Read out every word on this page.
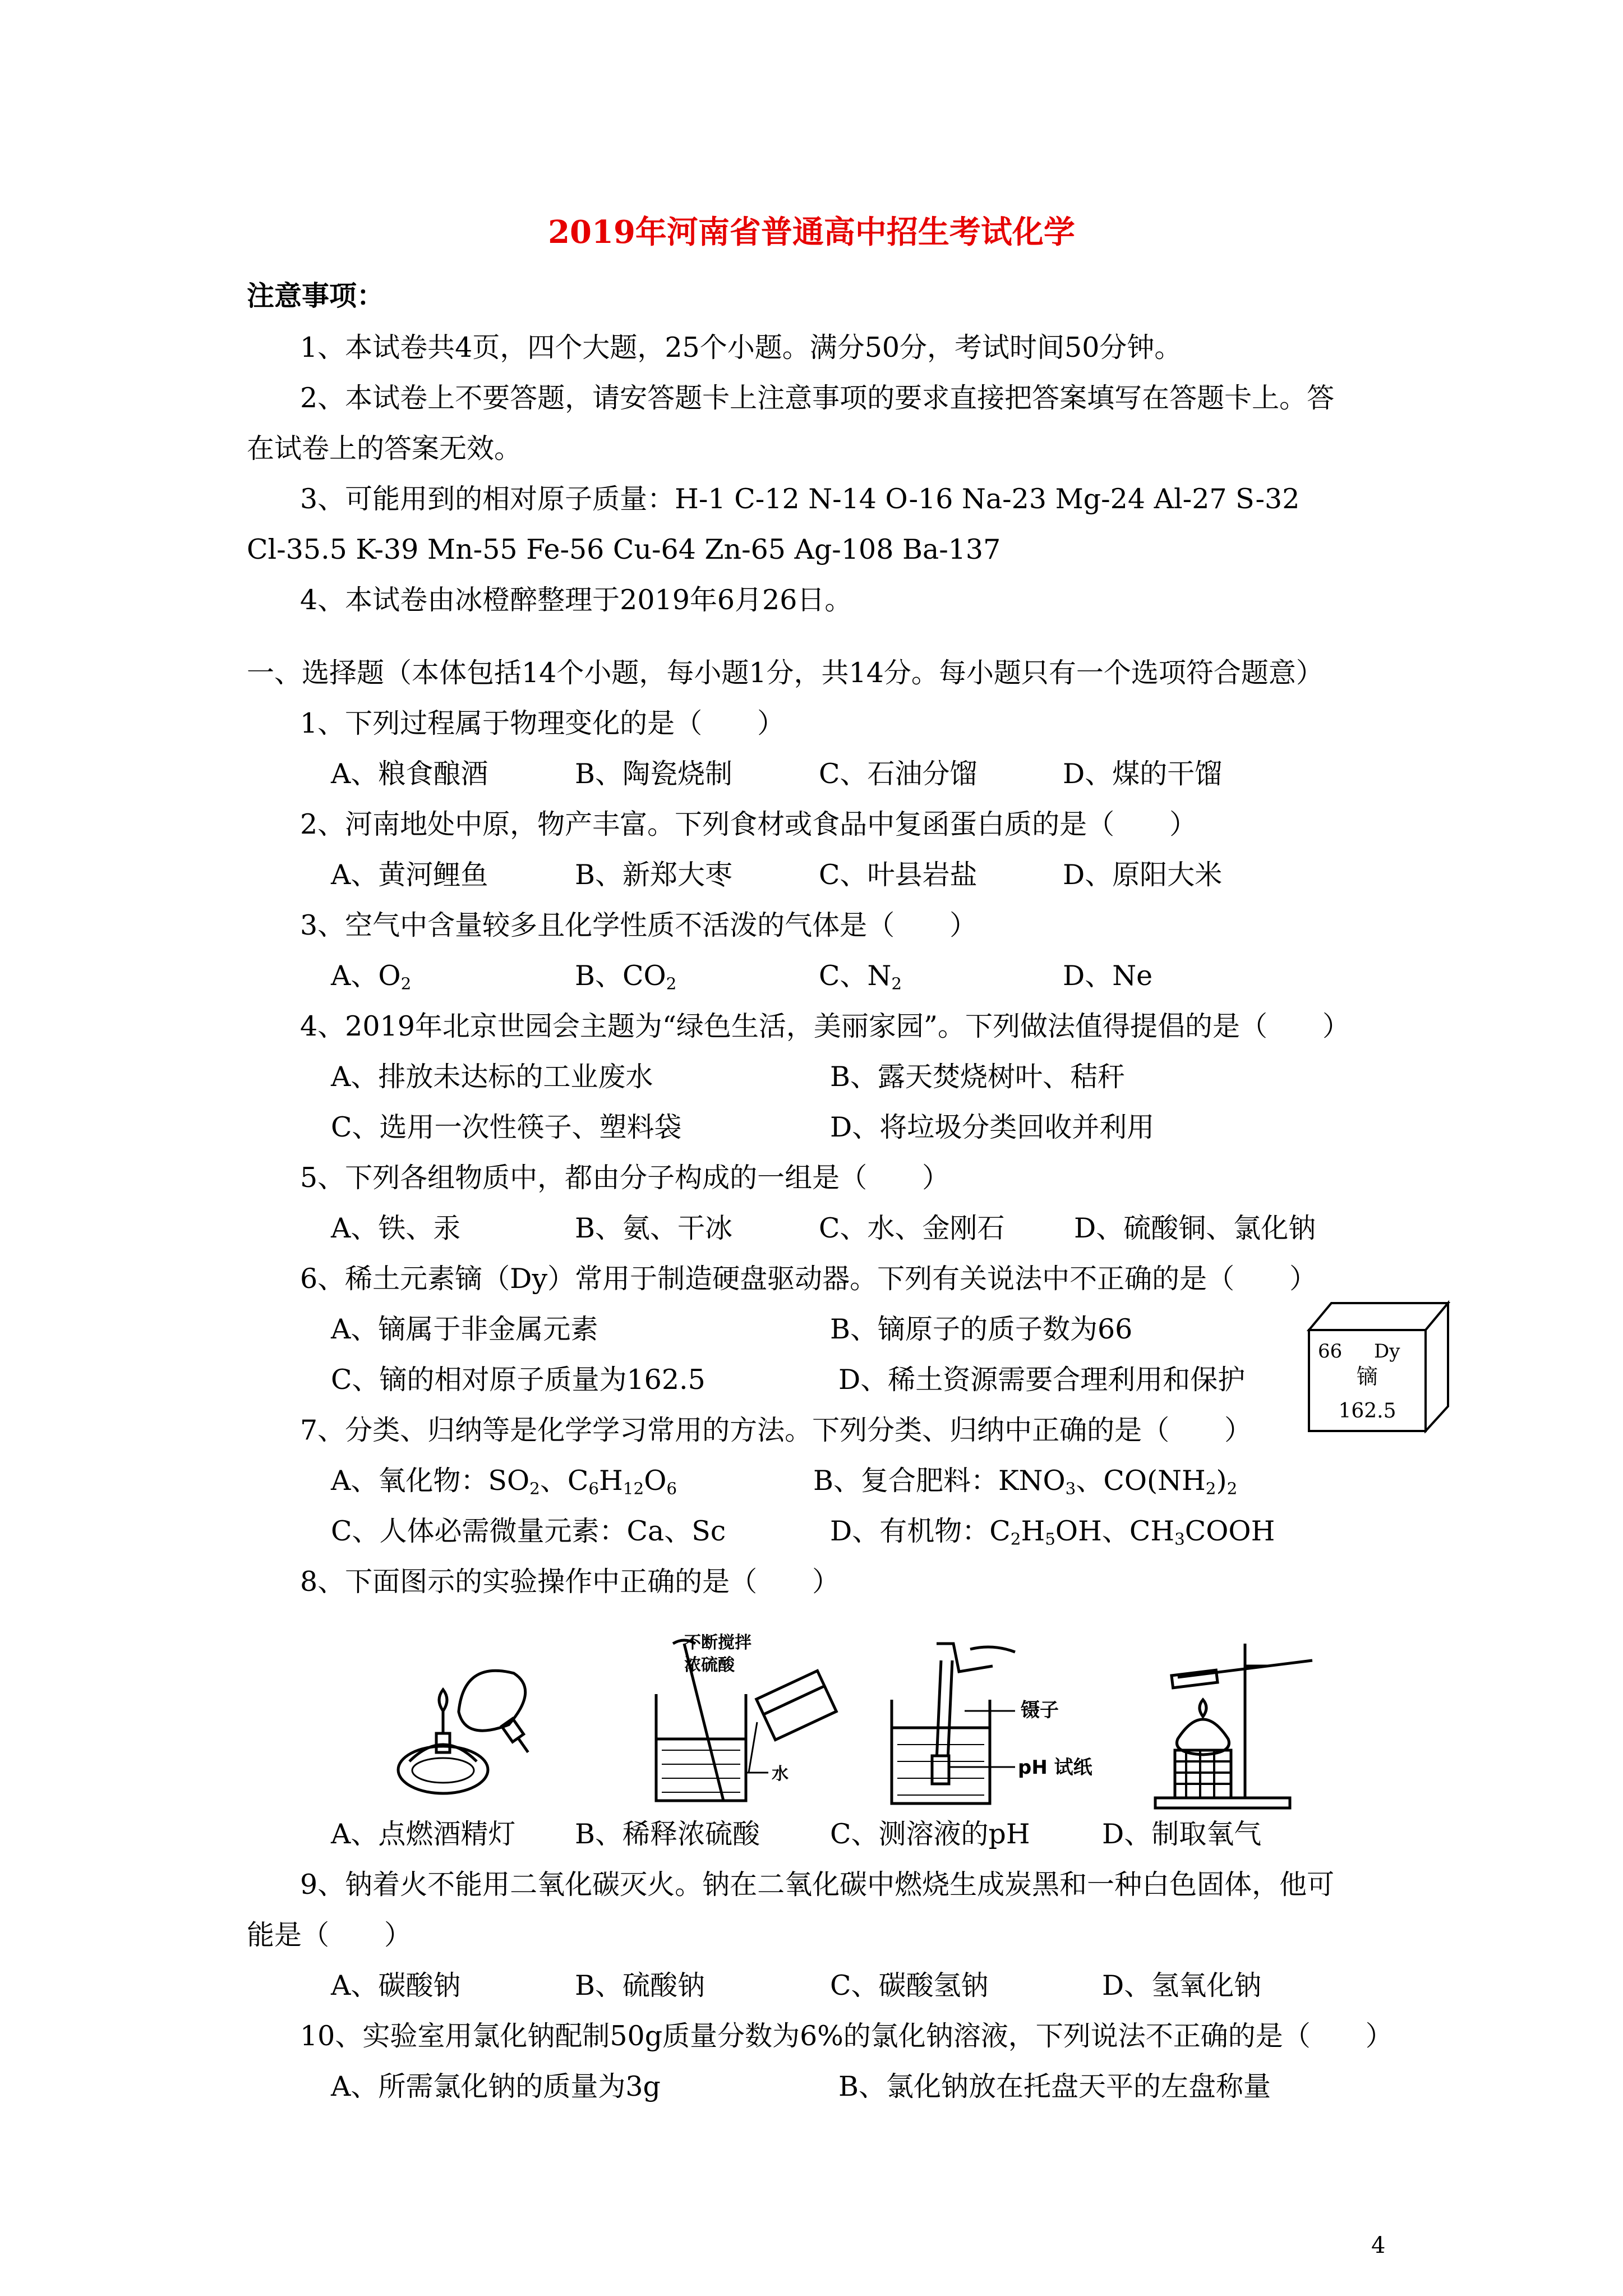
2019年河南省普通高中招生考试化学
注意事项：
1、本试卷共4页，四个大题，25个小题。满分50分，考试时间50分钟。
2、本试卷上不要答题，请安答题卡上注意事项的要求直接把答案填写在答题卡上。答
在试卷上的答案无效。
3、可能用到的相对原子质量：H-1 C-12 N-14 O-16 Na-23 Mg-24 Al-27 S-32
Cl-35.5 K-39 Mn-55 Fe-56 Cu-64 Zn-65 Ag-108 Ba-137
4、本试卷由冰橙醉整理于2019年6月26日。
一、选择题（本体包括14个小题，每小题1分，共14分。每小题只有一个选项符合题意）
1、下列过程属于物理变化的是（　　）
A、粮食酿酒	B、陶瓷烧制	C、石油分馏	D、煤的干馏
2、河南地处中原，物产丰富。下列食材或食品中复函蛋白质的是（　　）
A、黄河鲤鱼	B、新郑大枣	C、叶县岩盐	D、原阳大米
3、空气中含量较多且化学性质不活泼的气体是（　　）
A、$O_2$	B、$CO_2$	C、$N_2$	D、Ne
4、2019年北京世园会主题为“绿色生活，美丽家园”。下列做法值得提倡的是（　　）
A、排放未达标的工业废水	B、露天焚烧树叶、秸秆
C、选用一次性筷子、塑料袋	D、将垃圾分类回收并利用
5、下列各组物质中，都由分子构成的一组是（　　）
A、铁、汞	B、氨、干冰	C、水、金刚石	D、硫酸铜、氯化钠
6、稀土元素镝（Dy）常用于制造硬盘驱动器。下列有关说法中不正确的是（　　）
A、镝属于非金属元素	B、镝原子的质子数为66
C、镝的相对原子质量为162.5	D、稀土资源需要合理利用和保护
66 Dy
镝
162.5
7、分类、归纳等是化学学习常用的方法。下列分类、归纳中正确的是（　　）
A、氧化物：$SO_2$、$C_6H_{12}O_6$	B、复合肥料：$KNO_3$、$CO(NH_2)_2$
C、人体必需微量元素：Ca、Sc	D、有机物：$C_2H_5OH$、$CH_3COOH$
8、下面图示的实验操作中正确的是（　　）
不断搅拌
浓硫酸
水
镊子
pH 试纸
A、点燃酒精灯 B、稀释浓硫酸	C、测溶液的pH	D、制取氧气
9、钠着火不能用二氧化碳灭火。钠在二氧化碳中燃烧生成炭黑和一种白色固体，他可
能是（　　）
A、碳酸钠	B、硫酸钠	C、碳酸氢钠	D、氢氧化钠
10、实验室用氯化钠配制50g质量分数为6%的氯化钠溶液，下列说法不正确的是（　　）
A、所需氯化钠的质量为3g	B、氯化钠放在托盘天平的左盘称量
4
